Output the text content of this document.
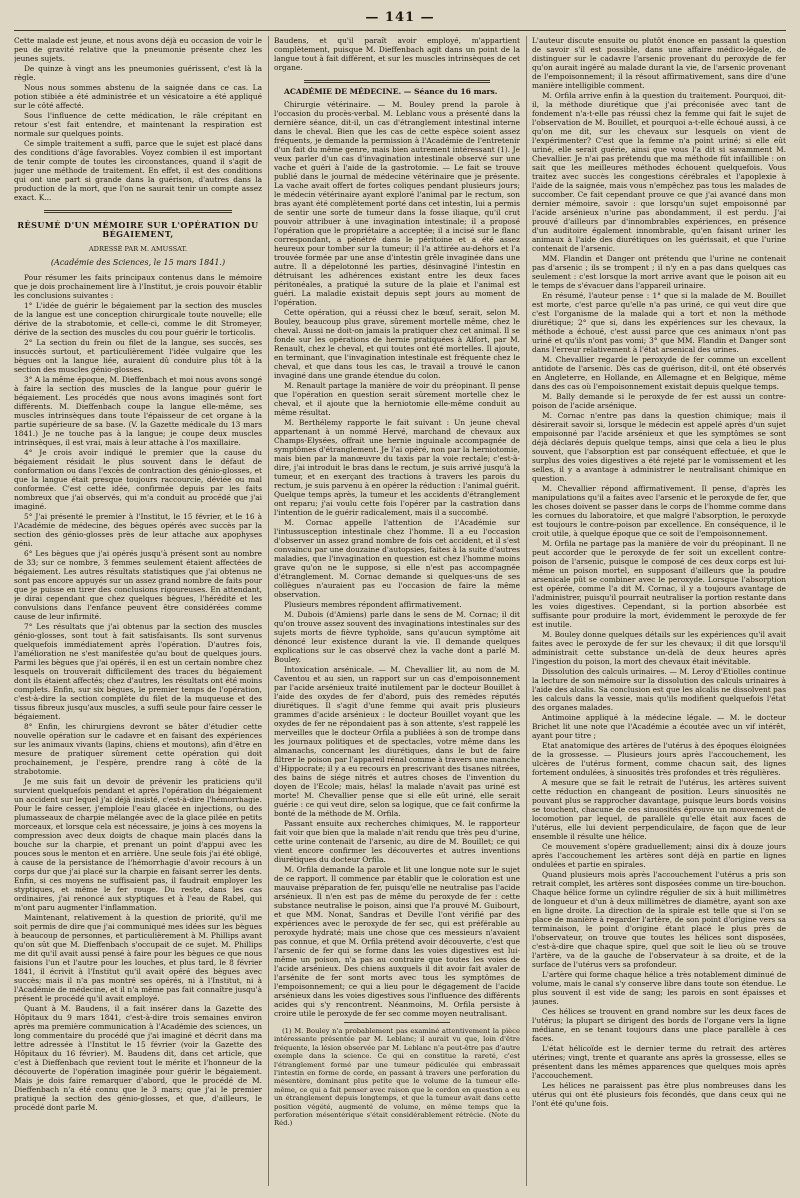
— 141 —

Cette malade est jeune, et nous avons déjà eu occasion de voir le peu de gravité relative que la pneumonie présente chez les jeunes sujets.

De quinze à vingt ans les pneumonies guérissent, c'est là la règle.

Nous nous sommes abstenu de la saignée dans ce cas. La potion stibiée a été administrée et un vésicatoire a été appliqué sur le côté affecté.

Sous l'influence de cette médication, le râle crépitant en retour s'est fait entendre, et maintenant la respiration est normale sur quelques points.

Ce simple traitement a suffi, parce que le sujet est placé dans des conditions d'âge favorables. Voyez combien il est important de tenir compte de toutes les circonstances, quand il s'agit de juger une méthode de traitement. En effet, il est des conditions qui ont une part si grande dans la guérison, d'autres dans la production de la mort, que l'on ne saurait tenir un compte assez exact. K...

RÉSUMÉ D'UN MÉMOIRE SUR L'OPÉRATION DU BÉGAIEMENT,
ADRESSÉ PAR M. AMUSSAT.
(Académie des Sciences, le 15 mars 1841.)

Pour résumer les faits principaux contenus dans le mémoire que je dois prochainement lire à l'Institut, je crois pouvoir établir les conclusions suivantes :

1° L'idée de guérir le bégaiement par la section des muscles de la langue est une conception chirurgicale toute nouvelle; elle dérive de la strabotomie, et celle-ci, comme le dit Stromeyer, dérive de la section des muscles du cou pour guérir le torticolis.

2° La section du frein ou filet de la langue, ses succès, ses insuccès surtout, et particulièrement l'idée vulgaire que les bègues ont la langue liée, auraient dû conduire plus tôt à la section des muscles génio-glosses.

3° A la même époque, M. Dieffenbach et moi nous avons songé à faire la section des muscles de la langue pour guérir le bégaiement. Les procédés que nous avons imaginés sont fort différents. M. Dieffenbach coupe la langue elle-même, ses muscles intrinsèques dans toute l'épaisseur de cet organe à la partie supérieure de sa base. (V. la Gazette médicale du 13 mars 1841.) Je ne touche pas à la langue; je coupe deux muscles intrinsèques, il est vrai, mais à leur attache à l'os maxillaire.

4° Je crois avoir indiqué le premier que la cause du bégaiement résidait le plus souvent dans le défaut de conformation ou dans l'excès de contraction des génio-glosses, et que la langue était presque toujours raccourcie, déviée ou mal conformée. C'est cette idée, confirmée depuis par les faits nombreux que j'ai observés, qui m'a conduit au procédé que j'ai imaginé.

5° J'ai présenté le premier à l'Institut, le 15 février, et le 16 à l'Académie de médecine, des bègues opérés avec succès par la section des génio-glosses près de leur attache aux apophyses géni.

6° Les bègues que j'ai opérés jusqu'à présent sont au nombre de 33; sur ce nombre, 3 femmes seulement étaient affectées de bégaiement. Les autres résultats statistiques que j'ai obtenus ne sont pas encore appuyés sur un assez grand nombre de faits pour que je puisse en tirer des conclusions rigoureuses. En attendant, je dirai cependant que chez quelques bègues, l'hérédité et les convulsions dans l'enfance peuvent être considérées comme cause de leur infirmité.

7° Les résultats que j'ai obtenus par la section des muscles génio-glosses, sont tout à fait satisfaisants. Ils sont survenus quelquefois immédiatement après l'opération. D'autres fois, l'amélioration ne s'est manifestée qu'au bout de quelques jours. Parmi les bègues que j'ai opérés, il en est un certain nombre chez lesquels on trouverait difficilement des traces du bégaiement dont ils étaient affectés; chez d'autres, les résultats ont été moins complets. Enfin, sur six bègues, le premier temps de l'opération, c'est-à-dire la section complète du filet de la muqueuse et des tissus fibreux jusqu'aux muscles, a suffi seule pour faire cesser le bégaiement.

8° Enfin, les chirurgiens devront se bâter d'étudier cette nouvelle opération sur le cadavre et en faisant des expériences sur les animaux vivants (lapins, chiens et moutons), afin d'être en mesure de pratiquer sûrement cette opération qui doit prochainement, je l'espère, prendre rang à côté de la strabotomie.

Je me suis fait un devoir de prévenir les praticiens qu'il survient quelquefois pendant et après l'opération du bégaiement un accident sur lequel j'ai déjà insisté, c'est-à-dire l'hémorrhagie. Pour le faire cesser, j'emploie l'eau glacée en injections, ou des plumasseaux de charpie mélangée avec de la glace pilée en petits morceaux, et lorsque cela est nécessaire, je joins à ces moyens la compression avec deux doigts de chaque main placés dans la bouche sur la charpie, et prenant un point d'appui avec les pouces sous le menton et en arrière. Une seule fois j'ai été obligé, à cause de la persistance de l'hémorrhagie d'avoir recours à un corps dur que j'ai placé sur la charpie en faisant serrer les dents. Enfin, si ces moyens ne suffisaient pas, il faudrait employer les styptiques, et même le fer rouge. Du reste, dans les cas ordinaires, j'ai renoncé aux styptiques et à l'eau de Rabel, qui m'ont paru augmenter l'inflammation.

Maintenant, relativement à la question de priorité, qu'il me soit permis de dire que j'ai communiqué mes idées sur les bègues à beaucoup de personnes, et particulièrement à M. Phillips avant qu'on sût que M. Dieffenbach s'occupait de ce sujet. M. Phillips me dit qu'il avait aussi pensé à faire pour les bègues ce que nous faisions l'un et l'autre pour les louches, et plus tard, le 8 février 1841, il écrivit à l'Institut qu'il avait opéré des bègues avec succès; mais il n'a pas montré ses opérés, ni à l'Institut, ni à l'Académie de médecine, et il n'a même pas fait connaître jusqu'à présent le procédé qu'il avait employé.

Quant à M. Baudens, il a fait insérer dans la Gazette des Hôpitaux du 9 mars 1841, c'est-à-dire trois semaines environ après ma première communication à l'Académie des sciences, un long commentaire du procédé que j'ai imaginé et décrit dans ma lettre adressée à l'Institut le 15 février (voir la Gazette des Hôpitaux du 16 février). M. Baudens dit, dans cet article, que c'est à Dieffenbach que revient tout le mérite et l'honneur de la découverte de l'opération imaginée pour guérir le bégaiement. Mais je dois faire remarquer d'abord, que le procédé de M. Dieffenbach n'a été connu que le 3 mars; que j'ai le premier pratiqué la section des génio-glosses, et que, d'ailleurs, le procédé dont parle M.

Baudens, et qu'il paraît avoir employé, m'appartient complètement, puisque M. Dieffenbach agit dans un point de la langue tout à fait différent, et sur les muscles intrinsèques de cet organe.

ACADÉMIE DE MÉDECINE. — Séance du 16 mars.

Chirurgie vétérinaire. — M. Bouley prend la parole à l'occasion du procès-verbal. M. Leblanc vous a présenté dans la dernière séance, dit-il, un cas d'étranglement intestinal interne dans le cheval. Bien que les cas de cette espèce soient assez fréquents, je demande la permission à l'Académie de l'entretenir d'un fait du même genre, mais bien autrement intéressant (1). Je veux parler d'un cas d'invagination intestinale observé sur une vache et guéri à l'aide de la gastrotomie. — Le fait se trouve publié dans le journal de médecine vétérinaire que je présente. La vache avait offert de fortes coliques pendant plusieurs jours; le médecin vétérinaire ayant exploré l'animal par le rectum, son bras ayant été complètement porté dans cet intestin, lui a permis de sentir une sorte de tumeur dans la fosse iliaque, qu'il crut pouvoir attribuer à une invagination intestinale; il a proposé l'opération que le propriétaire a acceptée; il a incisé sur le flanc correspondant, a pénétré dans le péritoine et a été assez heureux pour tomber sur la tumeur; il l'a attirée au-dehors et l'a trouvée formée par une anse d'intestin grêle invaginée dans une autre. Il a dépelotonné les parties, désinvaginé l'intestin en détruisant les adhérences existant entre les deux faces péritonéales, a pratiqué la suture de la plaie et l'animal est guéri. La maladie existait depuis sept jours au moment de l'opération.

Cette opération, qui a réussi chez le bœuf, serait, selon M. Bouley, beaucoup plus grave, sûrement mortelle même, chez le cheval. Aussi ne doit-on jamais la pratiquer chez cet animal. Il se fonde sur les opérations de hernie pratiquées à Alfort, par M. Renault, chez le cheval, et qui toutes ont été mortelles. Il ajoute, en terminant, que l'invagination intestinale est fréquente chez le cheval, et que dans tous les cas, le travail a trouvé le canon invaginé dans une grande étendue du colon.

M. Renault partage la manière de voir du préopinant. Il pense que l'opération en question serait sûrement mortelle chez le cheval, et il ajoute que la herniotomie elle-même conduit au même résultat.

M. Berthélemy rapporte le fait suivant : Un jeune cheval appartenant à un nommé Hervé, marchand de chevaux aux Champs-Elysées, offrait une hernie inguinale accompagnée de symptômes d'étranglement. Je l'ai opéré, non par la herniotomie, mais bien par la manœuvre du taxis par la voie rectale; c'est-à-dire, j'ai introduit le bras dans le rectum, je suis arrivé jusqu'à la tumeur, et en exerçant des tractions à travers les parois du rectum, je suis parvenu à en opérer la réduction : l'animal guérit. Quelque temps après, la tumeur et les accidents d'étranglement ont reparu; j'ai voulu cette fois l'opérer par la castration dans l'intention de le guérir radicalement, mais il a succombé.

M. Cornac appelle l'attention de l'Académie sur l'intussusception intestinale chez l'homme. Il a eu l'occasion d'observer un assez grand nombre de fois cet accident, et il s'est convaincu par une douzaine d'autopsies, faites à la suite d'autres maladies, que l'invagination en question est chez l'homme moins grave qu'on ne le suppose, si elle n'est pas accompagnée d'étranglement. M. Cornac demande si quelques-uns de ses collègues n'auraient pas eu l'occasion de faire la même observation.

Plusieurs membres répondent affirmativement.

M. Dubois (d'Amiens) parle dans le sens de M. Cornac; il dit qu'on trouve assez souvent des invaginations intestinales sur des sujets morts de fièvre typhoïde, sans qu'aucun symptôme ait dénoncé leur existence durant la vie. Il demande quelques explications sur le cas observé chez la vache dont a parlé M. Bouley.

Intoxication arsénicale. — M. Chevallier lit, au nom de M. Caventou et au sien, un rapport sur un cas d'empoisonnement par l'acide arsénieux traité inutilement par le docteur Bouillet à l'aide des oxydes de fer d'abord, puis des remèdes réputés diurétiques. Il s'agit d'une femme qui avait pris plusieurs grammes d'acide arsénieux : le docteur Bouillet voyant que les oxydes de fer ne répondaient pas à son attente, s'est rappelé les merveilles que le docteur Orfila a publiées à son de trompe dans les journaux politiques et de spectacles, votre même dans les almanachs, concernant les diurétiques, dans le but de faire filtrer le poison par l'appareil rénal comme à travers une manche d'Hippocrate; il y a eu recours en prescrivant des tisanes nitrées, des bains de siége nitrés et autres choses de l'invention du doyen de l'Ecole; mais, hélas! la malade n'avait pas uriné est morte! M. Chevallier pense que si elle eût uriné, elle serait guérie : ce qui veut dire, selon sa logique, que ce fait confirme la bonté de la méthode de M. Orfila.

Passant ensuite aux recherches chimiques, M. le rapporteur fait voir que bien que la malade n'ait rendu que très peu d'urine, cette urine contenait de l'arsenic, au dire de M. Bouillet; ce qui vient encore confirmer les découvertes et autres inventions diurétiques du docteur Orfila.

M. Orfila demande la parole et lit une longue note sur le sujet de ce rapport. Il commence par établir que le coloration est une mauvaise préparation de fer, puisqu'elle ne neutralise pas l'acide arsénieux. Il n'en est pas de même du peroxyde de fer : cette substance neutralise le poison, ainsi que l'a prouvé M. Guibourt, et que MM. Nonat, Sandras et Deville l'ont vérifié par des expériences avec le peroxyde de fer sec, qui est préférable au peroxyde hydraté; mais une chose que ces messieurs n'avaient pas connue, et que M. Orfila prétend avoir découverte, c'est que l'arsenic de fer qui se forme dans les voies digestives est lui-même un poison, n'a pas au contraire que toutes les voies de l'acide arsénieux. Des chiens auxquels il dit avoir fait avaler de l'arsénite de fer sont morts avec tous les symptômes de l'empoisonnement; ce qui a lieu pour le dégagement de l'acide arsénieux dans les voies digestives sous l'influence des différents acides qui s'y rencontrent. Néanmoins, M. Orfila persiste à croire utile le peroxyde de fer sec comme moyen neutralisant.

(1) M. Bouley n'a probablement pas examiné attentivement la pièce intéressante présentée par M. Leblanc; il aurait vu que, loin d'être fréquente, la lésion observée par M. Leblanc n'a peut-être pas d'autre exemple dans la science. Ce qui en constitue la rareté, c'est l'étranglement formé par une tumeur pédiculée qui embrassait l'intestin en forme de corde, en passant à travers une perforation du mésentère, dominant plus petite que le volume de la tumeur elle-même, ce qui a fait penser avec raison que le cordon en question a eu un étranglement depuis longtemps, et que la tumeur avait dans cette position végété, augmenté de volume, en même temps que la perforation mésentérique s'était considérablement rétrécie. (Note du Réd.)

L'auteur discute ensuite ou plutôt énonce en passant la question de savoir s'il est possible, dans une affaire médico-légale, de distinguer sur le cadavre l'arsenic provenant du peroxyde de fer qu'on aurait ingéré au malade durant la vie, de l'arsenic provenant de l'empoisonnement; il la résout affirmativement, sans dire d'une manière intelligible comment.

M. Orfila arrive enfin à la question du traitement. Pourquoi, dit-il, la méthode diurétique que j'ai préconisée avec tant de fondement n'a-t-elle pas réussi chez la femme qui fait le sujet de l'observation de M. Bouillet, et pourquoi a-t-elle échoué aussi, à ce qu'on me dit, sur les chevaux sur lesquels on vient de l'expérimenter? C'est que la femme n'a point uriné; si elle eût uriné, elle serait guérie, ainsi que vous l'a dit si savamment M. Chevallier. Je n'ai pas prétendu que ma méthode fût infaillible : on sait que les meilleures méthodes échouent quelquefois. Vous traitez avec succès les congestions cérébrales et l'apoplexie à l'aide de la saignée, mais vous n'empêchez pas tous les malades de succomber. Ce fait cependant prouve ce que j'ai avancé dans mon dernier mémoire, savoir : que lorsqu'un sujet empoisonné par l'acide arsénieux n'urine pas abondamment, il est perdu. J'ai prouvé d'ailleurs par d'innombrables expériences, en présence d'un auditoire également innombrable, qu'en faisant uriner les animaux à l'aide des diurétiques on les guérissait, et que l'urine contenait de l'arsenic.

MM. Flandin et Danger ont prétendu que l'urine ne contenait pas d'arsenic ; ils se trompent ; il n'y en a pas dans quelques cas seulement : c'est lorsque la mort arrive avant que le poison ait eu le temps de s'évacuer dans l'appareil urinaire.

En résumé, l'auteur pense : 1° que si la malade de M. Bouillet est morte, c'est parce qu'elle n'a pas uriné, ce qui veut dire que c'est l'organisme de la malade qui a tort et non la méthode diurétique; 2° que si, dans les expériences sur les chevaux, la méthode a échoué, c'est aussi parce que ces animaux n'ont pas uriné et qu'ils n'ont pas vomi; 3° que MM. Flandin et Danger sont dans l'erreur relativement à l'état arsenical des urines.

M. Chevallier regarde le peroxyde de fer comme un excellent antidote de l'arsenic. Dès cas de guérison, dit-il, ont été observés en Angleterre, en Hollande, en Allemagne et en Belgique, même dans des cas où l'empoisonnement existait depuis quelque temps.

M. Bally demande si le peroxyde de fer est aussi un contre-poison de l'acide arsénique.

M. Cornac n'entre pas dans la question chimique; mais il désirerait savoir si, lorsque le médecin est appelé après d'un sujet empoisonné par l'acide arsénieux et que les symptômes se sont déjà déclarés depuis quelque temps, ainsi que cela a lieu le plus souvent, que l'absorption est par conséquent effectuée, et que le surplus des voies digestives a été rejeté par le vomissement et les selles, il y a avantage à administrer le neutralisant chimique en question.

M. Chevallier répond affirmativement. Il pense, d'après les manipulations qu'il a faites avec l'arsenic et le peroxyde de fer, que les choses doivent se passer dans le corps de l'homme comme dans les cornues du laboratoire, et que malgré l'absorption, le peroxyde est toujours le contre-poison par excellence. En conséquence, il le croit utile, à quelque époque que ce soit de l'empoisonnement.

M. Orfila ne partage pas la manière de voir du préopinant. Il ne peut accorder que le peroxyde de fer soit un excellent contre-poison de l'arsenic, puisque le composé de ces deux corps est lui-même un poison mortel, en supposant d'ailleurs que la poudre arsenicale pût se combiner avec le peroxyde. Lorsque l'absorption est opérée, comme l'a dit M. Cornac, il y a toujours avantage de l'administrer, puisqu'il pourrait neutraliser la portion restante dans les voies digestives. Cependant, si la portion absorbée est suffisante pour produire la mort, évidemment le peroxyde de fer est inutile.

M. Bouley donne quelques détails sur les expériences qu'il avait faites avec le peroxyde de fer sur les chevaux; il dit que lorsqu'il administrait cette substance un-delà de deux heures après l'ingestion du poison, la mort des chevaux était inévitable.

Dissolution des calculs urinaires. — M. Leroy d'Etiolles continue la lecture de son mémoire sur la dissolution des calculs urinaires à l'aide des alcalis. Sa conclusion est que les alcalis ne dissolvent pas les calculs dans la vessie, mais qu'ils modifient quelquefois l'état des organes malades.

Antimoine appliqué à la médecine légale. — M. le docteur Brichet lit une note que l'Académie a écoutée avec un vif intérêt, ayant pour titre ;

Etat anatomique des artères de l'utérus à des époques éloignées de la grossesse. — Plusieurs jours après l'accouchement, les ulcères de l'utérus forment, comme chacun sait, des lignes fortement ondulées, à sinuosités très profondes et très régulières.

A mesure que se fait le retrait de l'utérus, les artères suivent cette réduction en changeant de position. Leurs sinuosités ne pouvant plus se rapprocher davantage, puisque leurs bords voisins se touchent, chacune de ces sinuosités éprouve un mouvement de locomotion par lequel, de parallèle qu'elle était aux faces de l'utérus, elle lui devient perpendiculaire, de façon que de leur ensemble il résulte une hélice.

Ce mouvement s'opère graduellement; ainsi dix à douze jours après l'accouchement les artères sont déjà en partie en lignes ondulées et partie en spirales.

Quand plusieurs mois après l'accouchement l'utérus a pris son retrait complet, les artères sont disposées comme un tire-bouchon. Chaque hélice forme un cylindre régulier de six à huit millimètres de longueur et d'un à deux millimètres de diamètre, ayant son axe en ligne droite. La direction de la spirale est telle que si l'on se place de manière à regarder l'artère, de son point d'origine vers sa terminaison, le point d'origine étant placé le plus près de l'observateur, on trouve que toutes les hélices sont disposées, c'est-à-dire que chaque spire, quel que soit le lieu où se trouve l'artère, va de la gauche de l'observateur à sa droite, et de la surface de l'utérus vers sa profondeur.

L'artère qui forme chaque hélice a très notablement diminué de volume, mais le canal s'y conserve libre dans toute son étendue. Le plus souvent il est vide de sang; les parois en sont épaisses et jaunes.

Ces hélices se trouvent en grand nombre sur les deux faces de l'utérus; la plupart se dirigent des bords de l'organe vers la ligne médiane, en se tenant toujours dans une place parallèle à ces faces.

L'état hélicoïde est le dernier terme du retrait des artères utérines; vingt, trente et quarante ans après la grossesse, elles se présentent dans les mêmes apparences que quelques mois après l'accouchement.

Les hélices ne paraissent pas être plus nombreuses dans les utérus qui ont été plusieurs fois fécondés, que dans ceux qui ne l'ont été qu'une fois.
